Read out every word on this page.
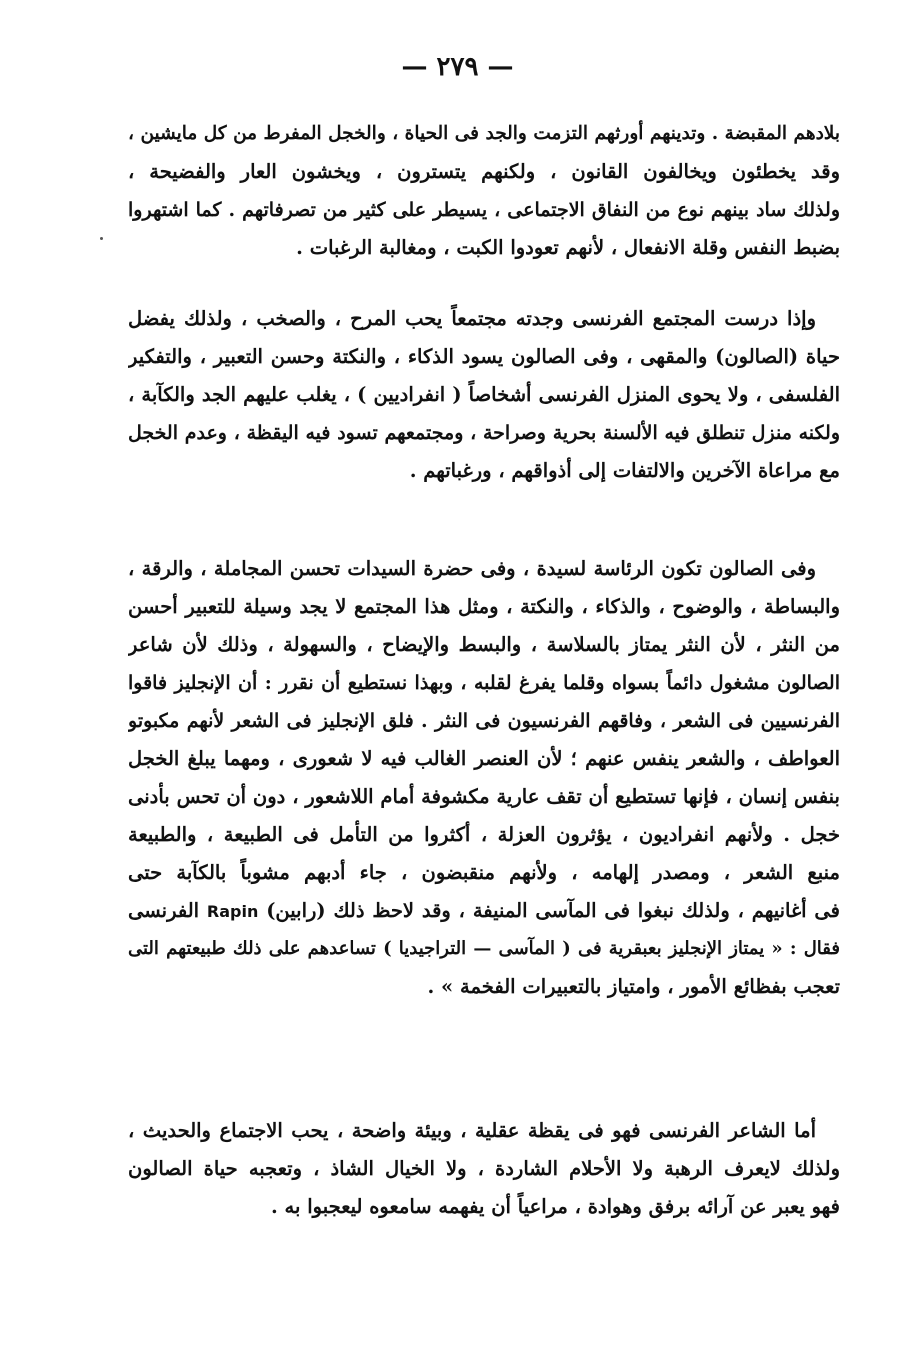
— ٢٧٩ —
بلادهم المقبضة . وتدينهم أورثهم التزمت والجد فى الحياة ، والخجل المفرط من كل مايشين ،
وقد يخطئون ويخالفون القانون ، ولكنهم يتسترون ، ويخشون العار والفضيحة ،
ولذلك ساد بينهم نوع من النفاق الاجتماعى ، يسيطر على كثير من تصرفاتهم . كما اشتهروا
بضبط النفس وقلة الانفعال ، لأنهم تعودوا الكبت ، ومغالبة الرغبات .
وإذا درست المجتمع الفرنسى وجدته مجتمعاً يحب المرح ، والصخب ، ولذلك يفضل
حياة (الصالون) والمقهى ، وفى الصالون يسود الذكاء ، والنكتة وحسن التعبير ، والتفكير
الفلسفى ، ولا يحوى المنزل الفرنسى أشخاصاً ( انفراديين ) ، يغلب عليهم الجد والكآبة ،
ولكنه منزل تنطلق فيه الألسنة بحرية وصراحة ، ومجتمعهم تسود فيه اليقظة ، وعدم الخجل
مع مراعاة الآخرين والالتفات إلى أذواقهم ، ورغباتهم .
وفى الصالون تكون الرئاسة لسيدة ، وفى حضرة السيدات تحسن المجاملة ، والرقة ،
والبساطة ، والوضوح ، والذكاء ، والنكتة ، ومثل هذا المجتمع لا يجد وسيلة للتعبير أحسن
من النثر ، لأن النثر يمتاز بالسلاسة ، والبسط والإيضاح ، والسهولة ، وذلك لأن شاعر
الصالون مشغول دائماً بسواه وقلما يفرغ لقلبه ، وبهذا نستطيع أن نقرر : أن الإنجليز فاقوا
الفرنسيين فى الشعر ، وفاقهم الفرنسيون فى النثر . فلق الإنجليز فى الشعر لأنهم مكبوتو
العواطف ، والشعر ينفس عنهم ؛ لأن العنصر الغالب فيه لا شعورى ، ومهما يبلغ الخجل
بنفس إنسان ، فإنها تستطيع أن تقف عارية مكشوفة أمام اللاشعور ، دون أن تحس بأدنى
خجل . ولأنهم انفراديون ، يؤثرون العزلة ، أكثروا من التأمل فى الطبيعة ، والطبيعة
منبع الشعر ، ومصدر إلهامه ، ولأنهم منقبضون ، جاء أدبهم مشوباً بالكآبة حتى
فى أغانيهم ، ولذلك نبغوا فى المآسى المنيفة ، وقد لاحظ ذلك (رابين) Rapin الفرنسى
فقال : « يمتاز الإنجليز بعبقرية فى ( المآسى — التراجيديا ) تساعدهم على ذلك طبيعتهم التى
تعجب بفظائع الأمور ، وامتياز بالتعبيرات الفخمة » .
أما الشاعر الفرنسى فهو فى يقظة عقلية ، وبيئة واضحة ، يحب الاجتماع والحديث ،
ولذلك لايعرف الرهبة ولا الأحلام الشاردة ، ولا الخيال الشاذ ، وتعجبه حياة الصالون
فهو يعبر عن آرائه برفق وهوادة ، مراعياً أن يفهمه سامعوه ليعجبوا به .
